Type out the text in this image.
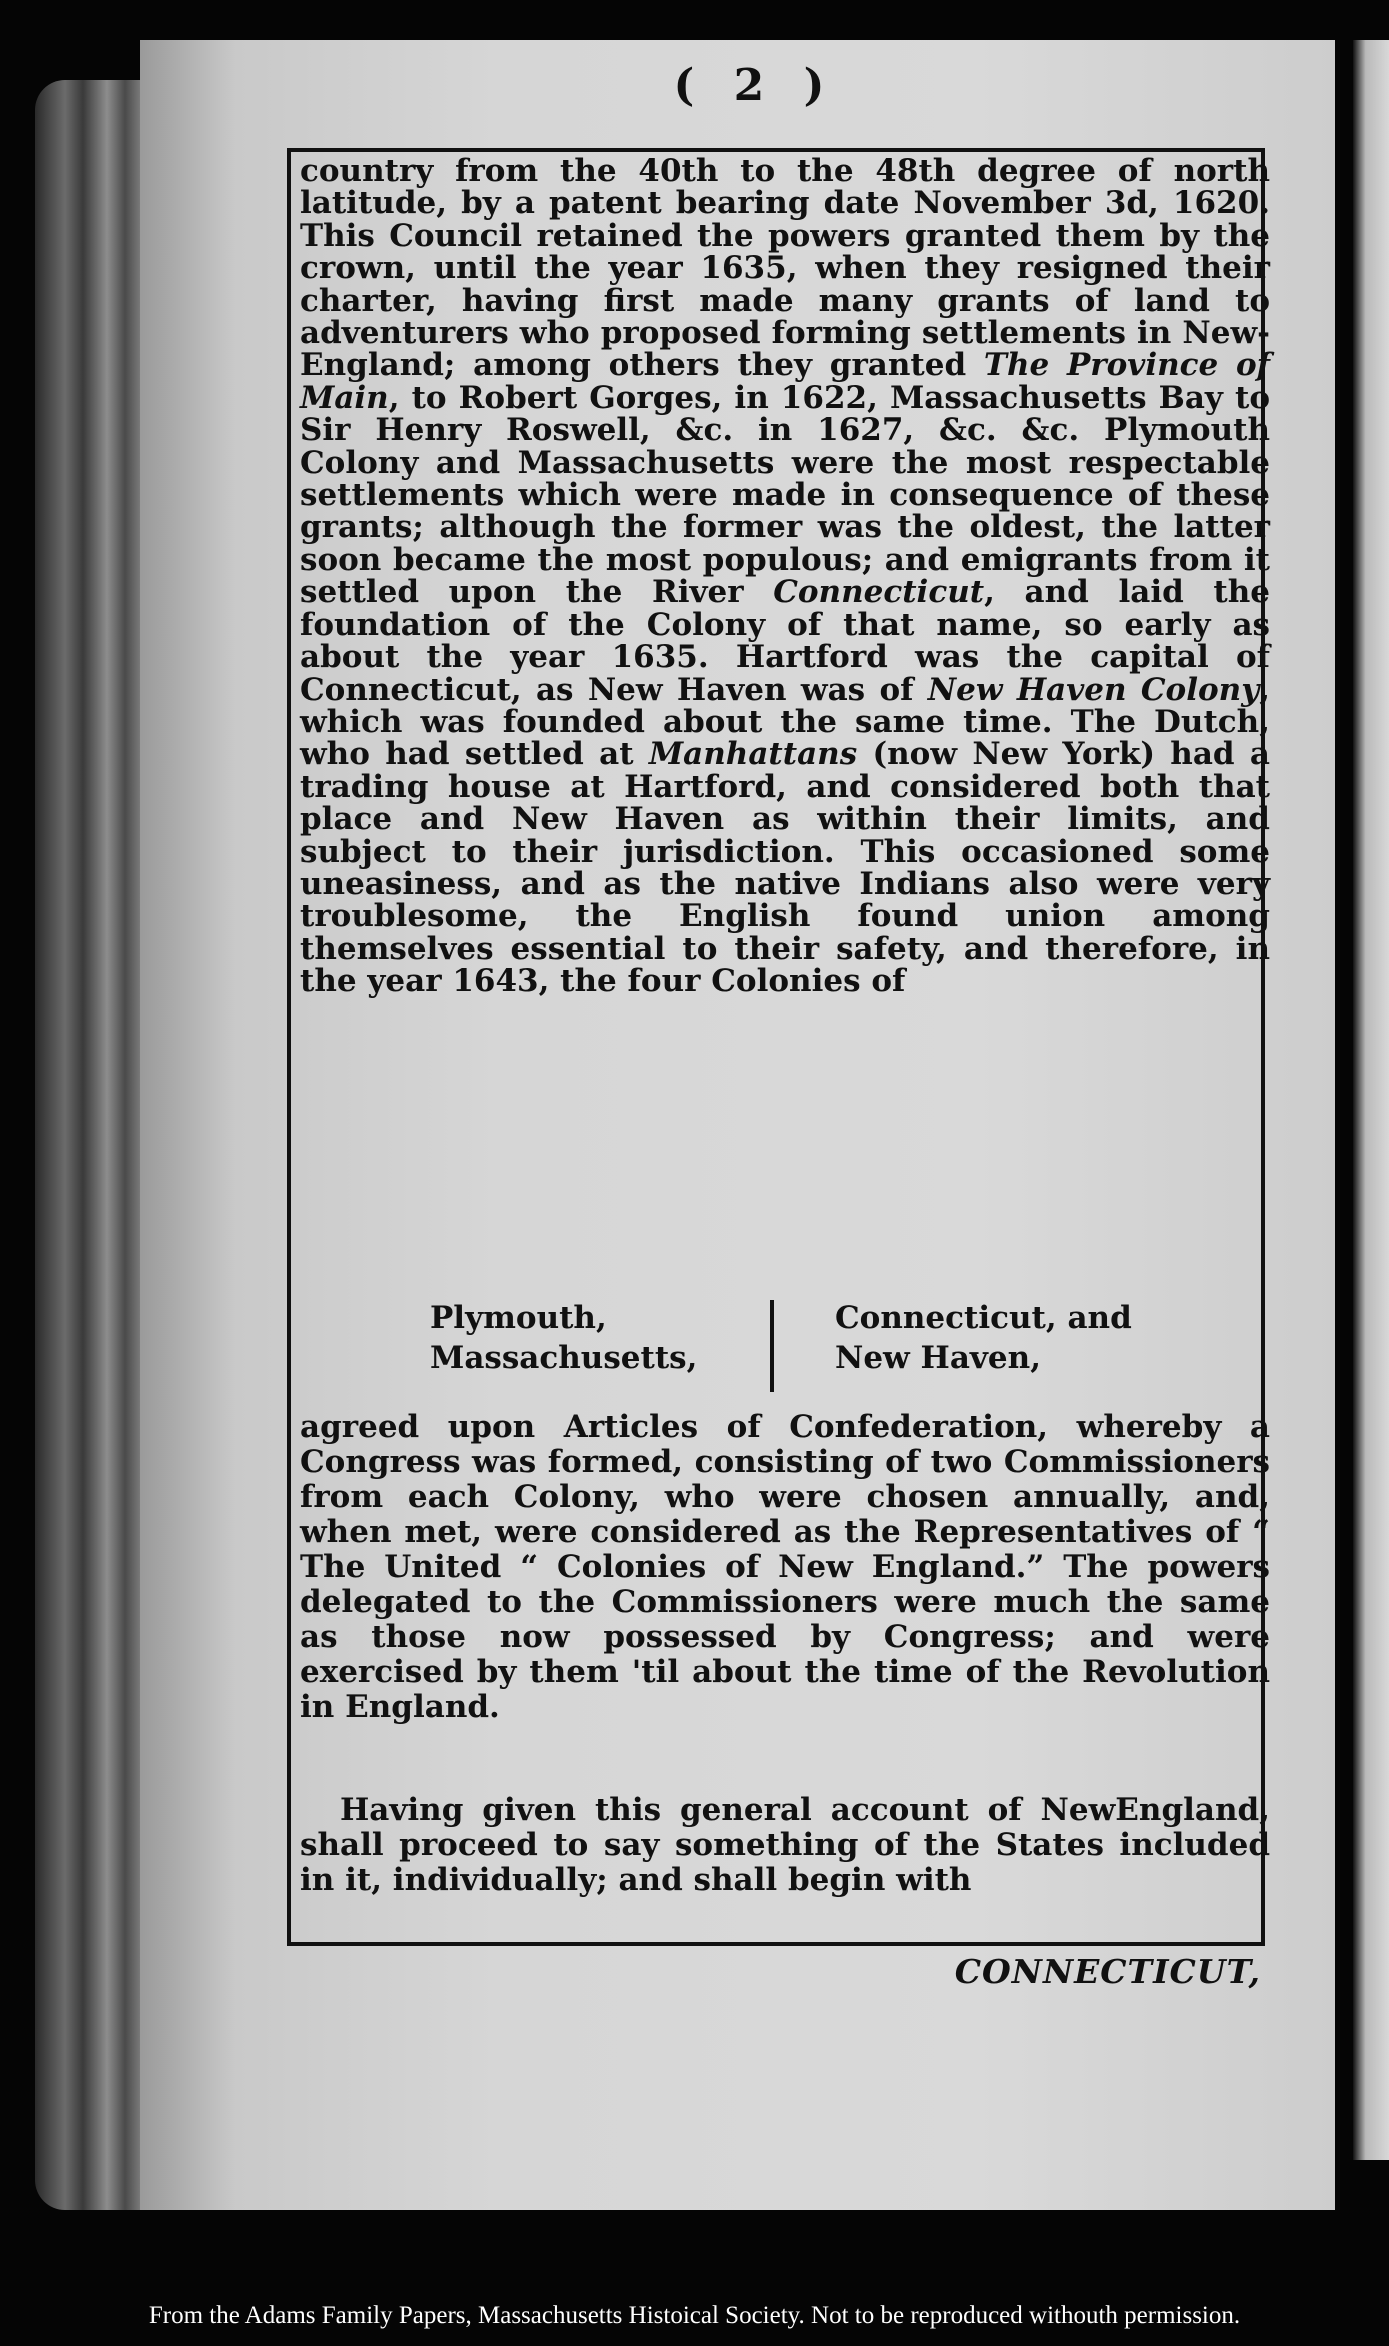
( 2 )

country from the 40th to the 48th degree of north latitude, by a patent bearing date November 3d, 1620. This Council retained the powers granted them by the crown, until the year 1635, when they resigned their charter, having first made many grants of land to adventurers who proposed forming settlements in New-England; among others they granted The Province of Main, to Robert Gorges, in 1622, Massachusetts Bay to Sir Henry Roswell, &c. in 1627, &c. &c. Plymouth Colony and Massachusetts were the most respectable settlements which were made in consequence of these grants; although the former was the oldest, the latter soon became the most populous; and emigrants from it settled upon the River Connecticut, and laid the foundation of the Colony of that name, so early as about the year 1635. Hartford was the capital of Connecticut, as New Haven was of New Haven Colony, which was founded about the same time. The Dutch, who had settled at Manhattans (now New York) had a trading house at Hartford, and considered both that place and New Haven as within their limits, and subject to their jurisdiction. This occasioned some uneasiness, and as the native Indians also were very troublesome, the English found union among themselves essential to their safety, and therefore, in the year 1643, the four Colonies of

Plymouth,
Massachusetts,
Connecticut, and
New Haven,

agreed upon Articles of Confederation, whereby a Congress was formed, consisting of two Commissioners from each Colony, who were chosen annually, and, when met, were considered as the Representatives of “ The United “ Colonies of New England.” The powers delegated to the Commissioners were much the same as those now possessed by Congress; and were exercised by them 'til about the time of the Revolution in England.

Having given this general account of NewEngland, shall proceed to say something of the States included in it, individually; and shall begin with

CONNECTICUT,
From the Adams Family Papers, Massachusetts Histoical Society. Not to be reproduced withouth permission.
